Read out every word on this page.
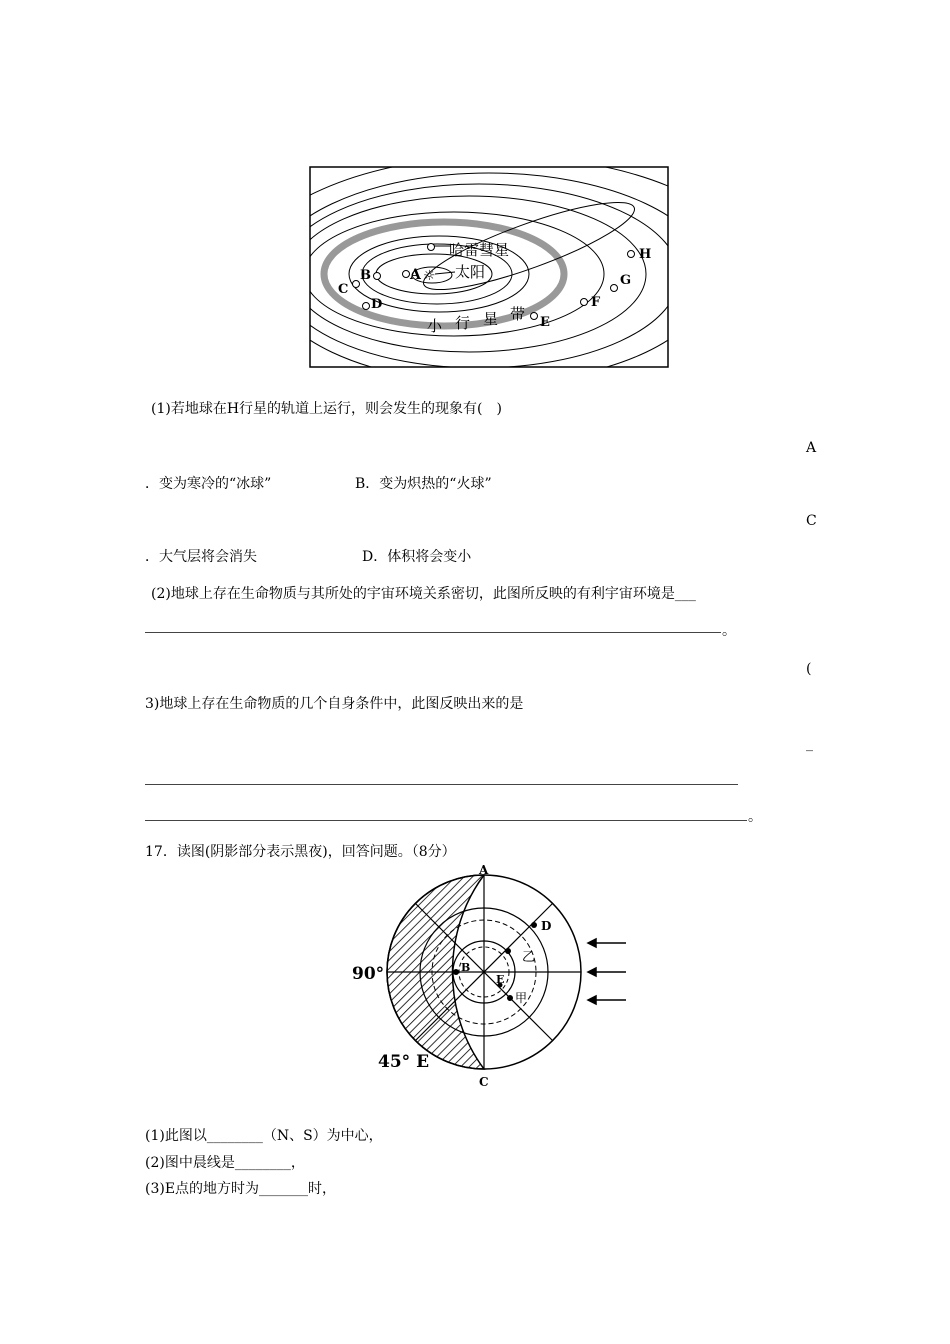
哈雷彗星
☼ 太阳
A
B
C
D
E
F
G
H
小 行 星 带
(1)若地球在H行星的轨道上运行，则会发生的现象有(　)
A
．变为寒冷的“冰球”	B．变为炽热的“火球”
C
．大气层将会消失	D．体积将会变小
(2)地球上存在生命物质与其所处的宇宙环境关系密切，此图所反映的有利宇宙环境是___
。
(
3)地球上存在生命物质的几个自身条件中，此图反映出来的是
_
。
17．读图(阴影部分表示黑夜)，回答问题。（8分）
A
C
B
D
E
甲
乙
90°
45° E
(1)此图以________（N、S）为中心，
(2)图中晨线是________，
(3)E点的地方时为_______时，
